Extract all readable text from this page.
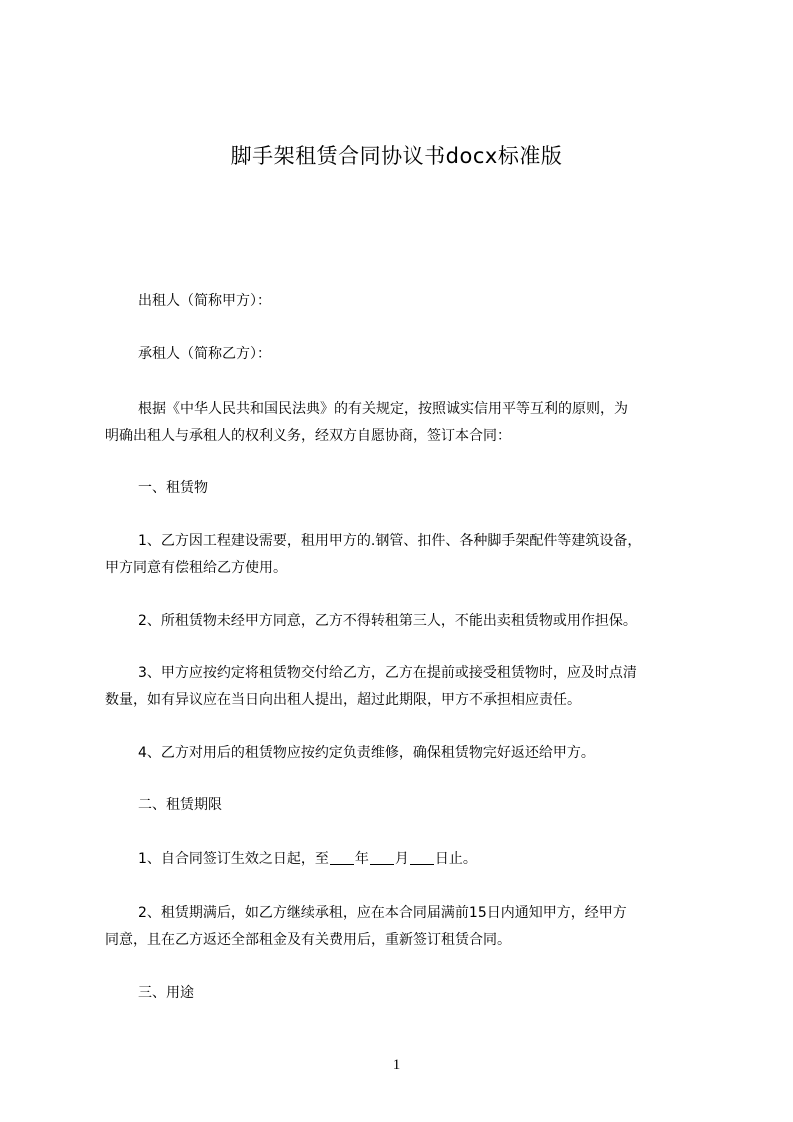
脚手架租赁合同协议书docx标准版
出租人（简称甲方）：
承租人（简称乙方）：
根据《中华人民共和国民法典》的有关规定，按照诚实信用平等互利的原则，为
明确出租人与承租人的权利义务，经双方自愿协商，签订本合同：
一、租赁物
1、乙方因工程建设需要，租用甲方的.钢管、扣件、各种脚手架配件等建筑设备，
甲方同意有偿租给乙方使用。
2、所租赁物未经甲方同意，乙方不得转租第三人，不能出卖租赁物或用作担保。
3、甲方应按约定将租赁物交付给乙方，乙方在提前或接受租赁物时，应及时点清
数量，如有异议应在当日向出租人提出，超过此期限，甲方不承担相应责任。
4、乙方对用后的租赁物应按约定负责维修，确保租赁物完好返还给甲方。
二、租赁期限
1、自合同签订生效之日起，至 年 月 日止。
2、租赁期满后，如乙方继续承租，应在本合同届满前15日内通知甲方，经甲方
同意，且在乙方返还全部租金及有关费用后，重新签订租赁合同。
三、用途
1
